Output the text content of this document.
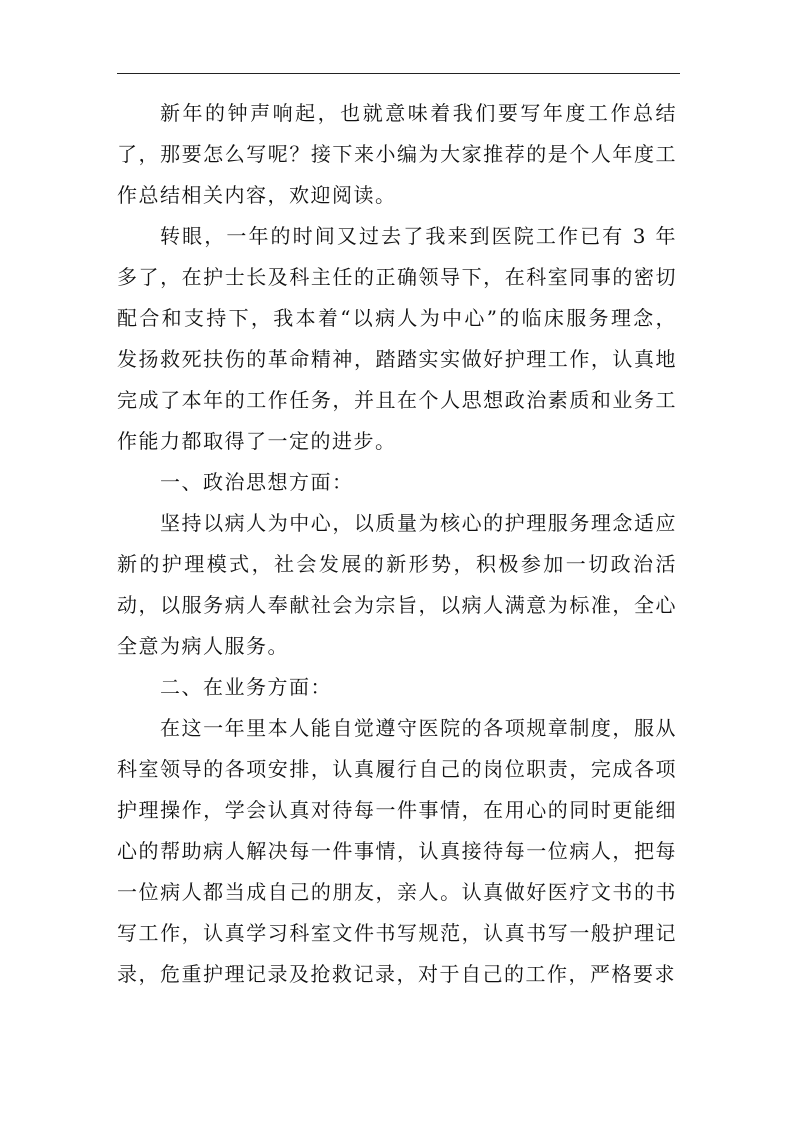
新年的钟声响起，也就意味着我们要写年度工作总结了，那要怎么写呢？接下来小编为大家推荐的是个人年度工作总结相关内容，欢迎阅读。

转眼，一年的时间又过去了我来到医院工作已有 3 年多了，在护士长及科主任的正确领导下，在科室同事的密切配合和支持下，我本着“以病人为中心”的临床服务理念，发扬救死扶伤的革命精神，踏踏实实做好护理工作，认真地完成了本年的工作任务，并且在个人思想政治素质和业务工作能力都取得了一定的进步。

一、政治思想方面：

坚持以病人为中心，以质量为核心的护理服务理念适应新的护理模式，社会发展的新形势，积极参加一切政治活动，以服务病人奉献社会为宗旨，以病人满意为标准，全心全意为病人服务。

二、在业务方面：

在这一年里本人能自觉遵守医院的各项规章制度，服从科室领导的各项安排，认真履行自己的岗位职责，完成各项护理操作，学会认真对待每一件事情，在用心的同时更能细心的帮助病人解决每一件事情，认真接待每一位病人，把每一位病人都当成自己的朋友，亲人。认真做好医疗文书的书写工作，认真学习科室文件书写规范，认真书写一般护理记录，危重护理记录及抢救记录，对于自己的工作，严格要求
